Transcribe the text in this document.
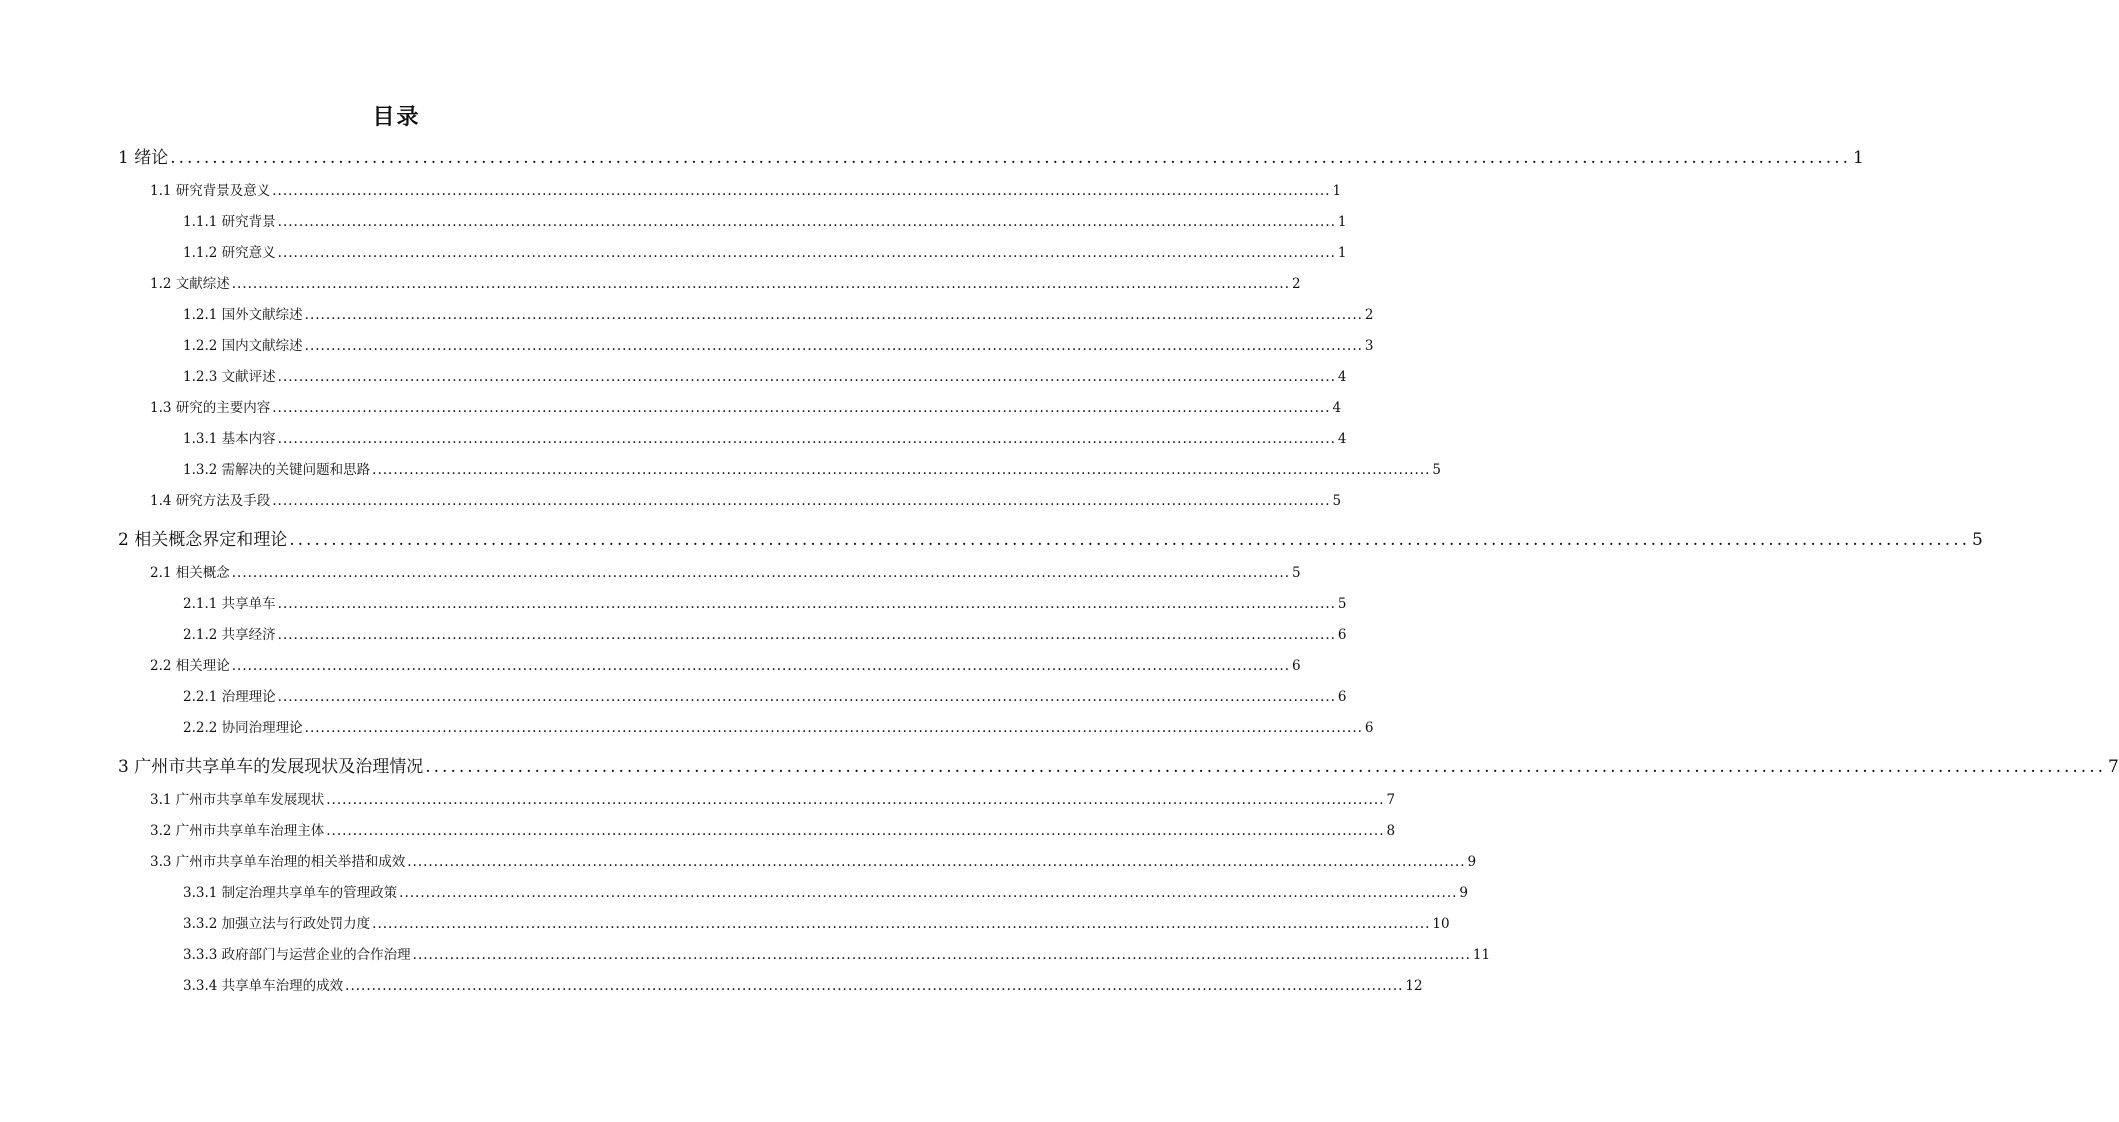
目录
1 绪论 ........................................................................................................................................................................................................ 1
1.1 研究背景及意义 ........................................................................................................................................................................................................ 1
1.1.1 研究背景 ........................................................................................................................................................................................................ 1
1.1.2 研究意义 ........................................................................................................................................................................................................ 1
1.2 文献综述 ........................................................................................................................................................................................................ 2
1.2.1 国外文献综述 ........................................................................................................................................................................................................ 2
1.2.2 国内文献综述 ........................................................................................................................................................................................................ 3
1.2.3 文献评述 ........................................................................................................................................................................................................ 4
1.3 研究的主要内容 ........................................................................................................................................................................................................ 4
1.3.1 基本内容 ........................................................................................................................................................................................................ 4
1.3.2 需解决的关键问题和思路 ........................................................................................................................................................................................................ 5
1.4 研究方法及手段 ........................................................................................................................................................................................................ 5
2 相关概念界定和理论 ........................................................................................................................................................................................................ 5
2.1 相关概念 ........................................................................................................................................................................................................ 5
2.1.1 共享单车 ........................................................................................................................................................................................................ 5
2.1.2 共享经济 ........................................................................................................................................................................................................ 6
2.2 相关理论 ........................................................................................................................................................................................................ 6
2.2.1 治理理论 ........................................................................................................................................................................................................ 6
2.2.2 协同治理理论 ........................................................................................................................................................................................................ 6
3 广州市共享单车的发展现状及治理情况 ........................................................................................................................................................................................................ 7
3.1 广州市共享单车发展现状 ........................................................................................................................................................................................................ 7
3.2 广州市共享单车治理主体 ........................................................................................................................................................................................................ 8
3.3 广州市共享单车治理的相关举措和成效 ........................................................................................................................................................................................................ 9
3.3.1 制定治理共享单车的管理政策 ........................................................................................................................................................................................................ 9
3.3.2 加强立法与行政处罚力度 ........................................................................................................................................................................................................ 10
3.3.3 政府部门与运营企业的合作治理 ........................................................................................................................................................................................................ 11
3.3.4 共享单车治理的成效 ........................................................................................................................................................................................................ 12
